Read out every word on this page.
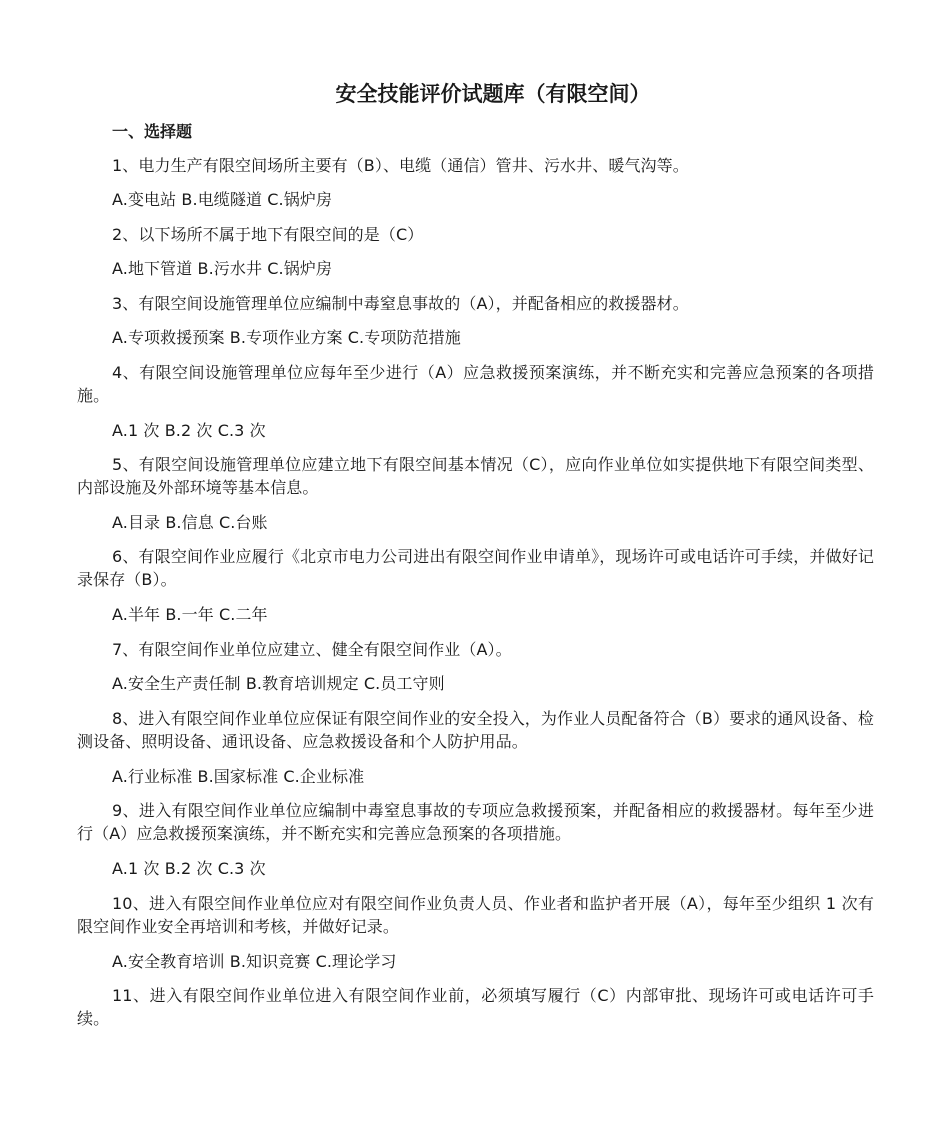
安全技能评价试题库（有限空间）
一、选择题

1、电力生产有限空间场所主要有（B）、电缆（通信）管井、污水井、暖气沟等。

A.变电站 B.电缆隧道 C.锅炉房

2、以下场所不属于地下有限空间的是（C）

A.地下管道 B.污水井 C.锅炉房

3、有限空间设施管理单位应编制中毒窒息事故的（A），并配备相应的救援器材。

A.专项救援预案 B.专项作业方案 C.专项防范措施

4、有限空间设施管理单位应每年至少进行（A）应急救援预案演练，并不断充实和完善应急预案的各项措施。

A.1 次 B.2 次 C.3 次

5、有限空间设施管理单位应建立地下有限空间基本情况（C），应向作业单位如实提供地下有限空间类型、内部设施及外部环境等基本信息。

A.目录 B.信息 C.台账

6、有限空间作业应履行《北京市电力公司进出有限空间作业申请单》，现场许可或电话许可手续，并做好记录保存（B）。

A.半年 B.一年 C.二年

7、有限空间作业单位应建立、健全有限空间作业（A）。

A.安全生产责任制 B.教育培训规定 C.员工守则

8、进入有限空间作业单位应保证有限空间作业的安全投入，为作业人员配备符合（B）要求的通风设备、检测设备、照明设备、通讯设备、应急救援设备和个人防护用品。

A.行业标准 B.国家标准 C.企业标准

9、进入有限空间作业单位应编制中毒窒息事故的专项应急救援预案，并配备相应的救援器材。每年至少进行（A）应急救援预案演练，并不断充实和完善应急预案的各项措施。

A.1 次 B.2 次 C.3 次

10、进入有限空间作业单位应对有限空间作业负责人员、作业者和监护者开展（A），每年至少组织 1 次有限空间作业安全再培训和考核，并做好记录。

A.安全教育培训 B.知识竞赛 C.理论学习

11、进入有限空间作业单位进入有限空间作业前，必须填写履行（C）内部审批、现场许可或电话许可手续。
